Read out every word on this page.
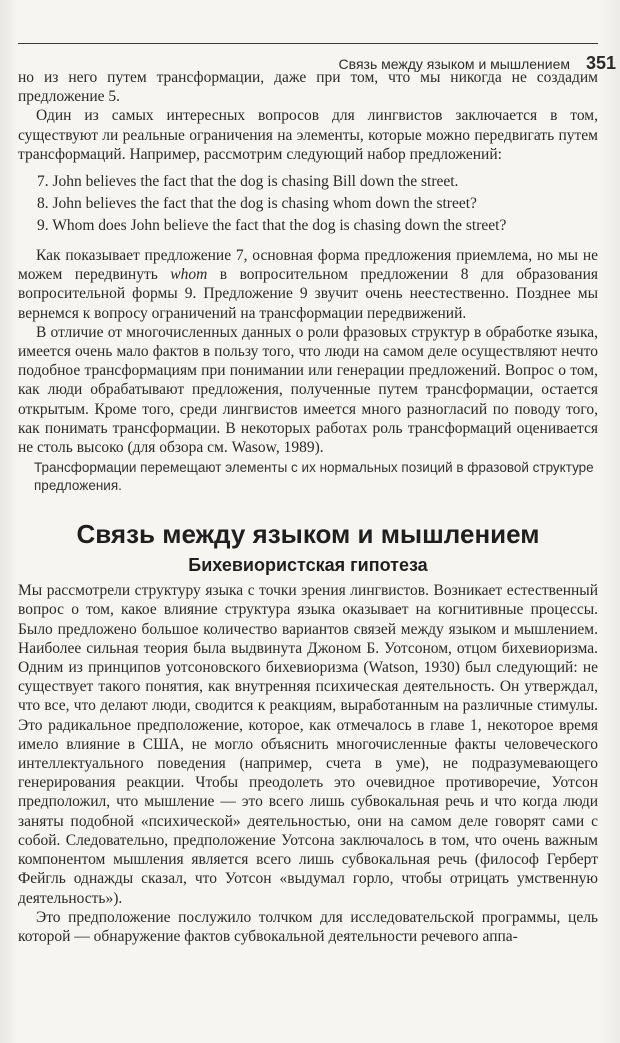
Связь между языком и мышлением 351

но из него путем трансформации, даже при том, что мы никогда не создадим предложение 5.

Один из самых интересных вопросов для лингвистов заключается в том, существуют ли реальные ограничения на элементы, которые можно передвигать путем трансформаций. Например, рассмотрим следующий набор предложений:

7. John believes the fact that the dog is chasing Bill down the street.
8. John believes the fact that the dog is chasing whom down the street?
9. Whom does John believe the fact that the dog is chasing down the street?

Как показывает предложение 7, основная форма предложения приемлема, но мы не можем передвинуть whom в вопросительном предложении 8 для образования вопросительной формы 9. Предложение 9 звучит очень неестественно. Позднее мы вернемся к вопросу ограничений на трансформации передвижений.

В отличие от многочисленных данных о роли фразовых структур в обработке языка, имеется очень мало фактов в пользу того, что люди на самом деле осуществляют нечто подобное трансформациям при понимании или генерации предложений. Вопрос о том, как люди обрабатывают предложения, полученные путем трансформации, остается открытым. Кроме того, среди лингвистов имеется много разногласий по поводу того, как понимать трансформации. В некоторых работах роль трансформаций оценивается не столь высоко (для обзора см. Wasow, 1989).

Трансформации перемещают элементы с их нормальных позиций в фразовой структуре предложения.
Связь между языком и мышлением
Бихевиористская гипотеза

Мы рассмотрели структуру языка с точки зрения лингвистов. Возникает естественный вопрос о том, какое влияние структура языка оказывает на когнитивные процессы. Было предложено большое количество вариантов связей между языком и мышлением. Наиболее сильная теория была выдвинута Джоном Б. Уотсоном, отцом бихевиоризма. Одним из принципов уотсоновского бихевиоризма (Watson, 1930) был следующий: не существует такого понятия, как внутренняя психическая деятельность. Он утверждал, что все, что делают люди, сводится к реакциям, выработанным на различные стимулы. Это радикальное предположение, которое, как отмечалось в главе 1, некоторое время имело влияние в США, не могло объяснить многочисленные факты человеческого интеллектуального поведения (например, счета в уме), не подразумевающего генерирования реакции. Чтобы преодолеть это очевидное противоречие, Уотсон предположил, что мышление — это всего лишь субвокальная речь и что когда люди заняты подобной «психической» деятельностью, они на самом деле говорят сами с собой. Следовательно, предположение Уотсона заключалось в том, что очень важным компонентом мышления является всего лишь субвокальная речь (философ Герберт Фейгль однажды сказал, что Уотсон «выдумал горло, чтобы отрицать умственную деятельность»).

Это предположение послужило толчком для исследовательской программы, цель которой — обнаружение фактов субвокальной деятельности речевого аппа-
